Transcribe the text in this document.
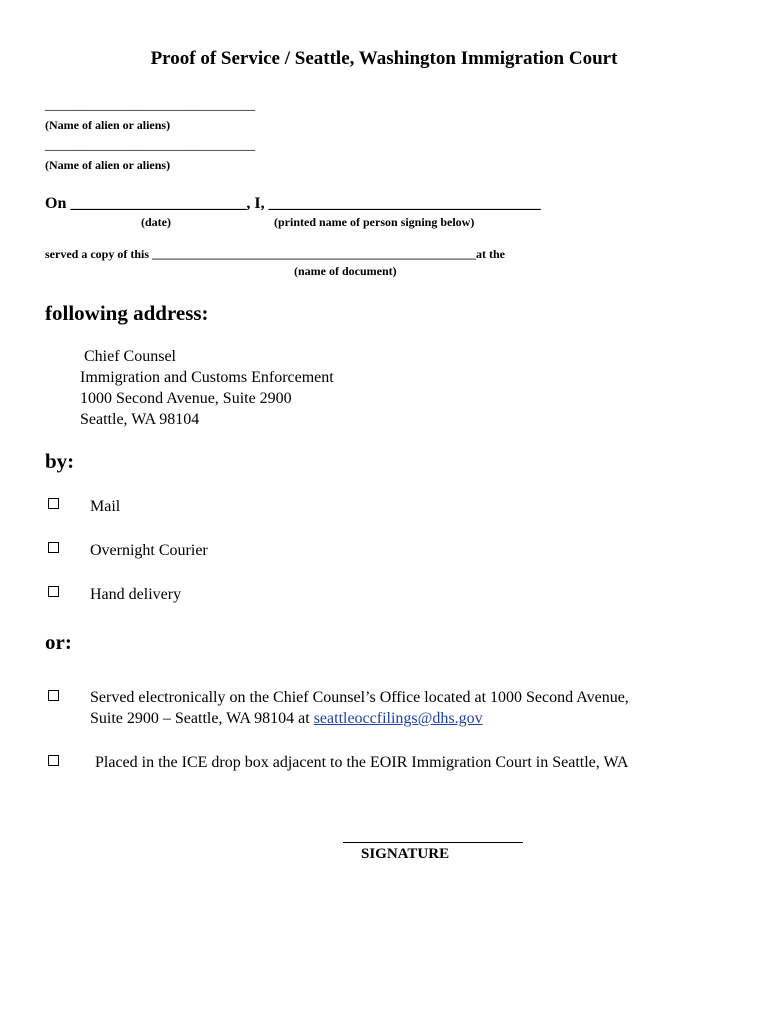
Proof of Service / Seattle, Washington Immigration Court
______________________________
(Name of alien or aliens)
______________________________
(Name of alien or aliens)
On ______________________, I, __________________________________
(date)	(printed name of person signing below)
served a copy of this ______________________________________________________at the
(name of document)
following address:
Chief Counsel
Immigration and Customs Enforcement
1000 Second Avenue, Suite 2900
Seattle, WA 98104
by:
Mail
Overnight Courier
Hand delivery
or:
Served electronically on the Chief Counsel’s Office located at 1000 Second Avenue,
Suite 2900 – Seattle, WA 98104 at seattleoccfilings@dhs.gov
Placed in the ICE drop box adjacent to the EOIR Immigration Court in Seattle, WA
SIGNATURE
